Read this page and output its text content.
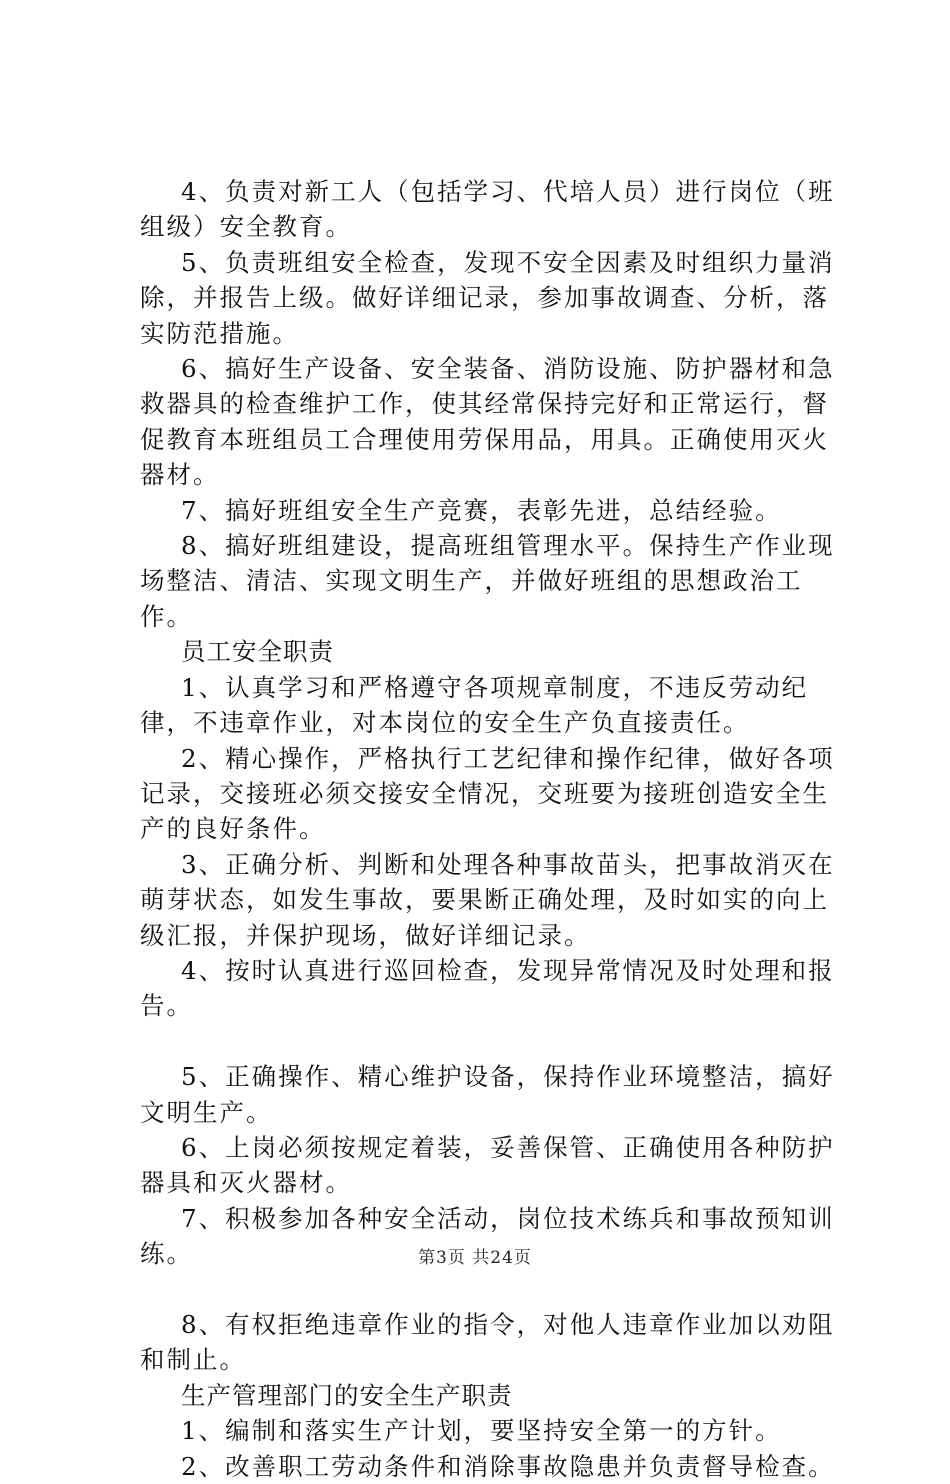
4、负责对新工人（包括学习、代培人员）进行岗位（班组级）安全教育。

5、负责班组安全检查，发现不安全因素及时组织力量消除，并报告上级。做好详细记录，参加事故调查、分析，落实防范措施。

6、搞好生产设备、安全装备、消防设施、防护器材和急救器具的检查维护工作，使其经常保持完好和正常运行，督促教育本班组员工合理使用劳保用品，用具。正确使用灭火器材。

7、搞好班组安全生产竞赛，表彰先进，总结经验。

8、搞好班组建设，提高班组管理水平。保持生产作业现场整洁、清洁、实现文明生产，并做好班组的思想政治工作。

员工安全职责

1、认真学习和严格遵守各项规章制度，不违反劳动纪律，不违章作业，对本岗位的安全生产负直接责任。

2、精心操作，严格执行工艺纪律和操作纪律，做好各项记录，交接班必须交接安全情况，交班要为接班创造安全生产的良好条件。

3、正确分析、判断和处理各种事故苗头，把事故消灭在萌芽状态，如发生事故，要果断正确处理，及时如实的向上级汇报，并保护现场，做好详细记录。

4、按时认真进行巡回检查，发现异常情况及时处理和报告。

5、正确操作、精心维护设备，保持作业环境整洁，搞好文明生产。

6、上岗必须按规定着装，妥善保管、正确使用各种防护器具和灭火器材。

7、积极参加各种安全活动，岗位技术练兵和事故预知训练。

8、有权拒绝违章作业的指令，对他人违章作业加以劝阻和制止。

生产管理部门的安全生产职责

1、编制和落实生产计划，要坚持安全第一的方针。

2、改善职工劳动条件和消除事故隐患并负责督导检查。

第3页 共24页
